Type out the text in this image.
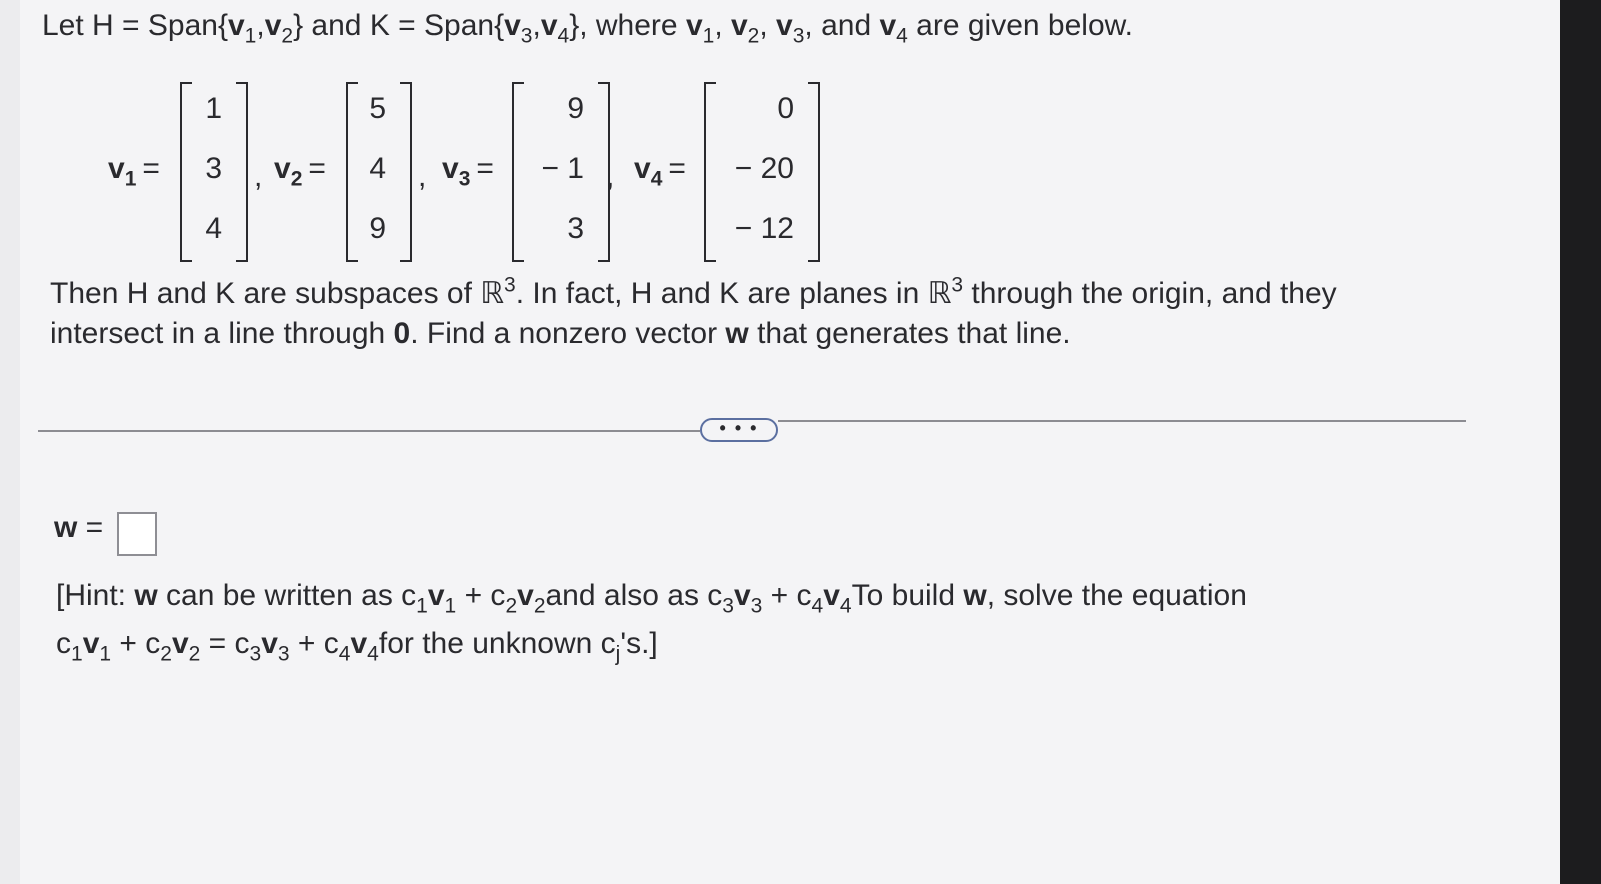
Let $H = Span\{v_1,v_2\}$ and $K = Span\{v_3,v_4\}$, where $v_1$, $v_2$, $v_3$, and $v_4$ are given below.
$v_1$ =
1
3
4
, $v_2$ =
5
4
9
, $v_3$ =
9
− 1
3
, $v_4$ =
0
− 20
− 12
Then H and K are subspaces of ℝ$^3$. In fact, H and K are planes in ℝ$^3$ through the origin, and they
intersect in a line through 0. Find a nonzero vector w that generates that line.
• • •
w =
[Hint: w can be written as $c_1v_1 + c_2v_2and$ also as $c_3v_3 + c_4v_4To$ build w, solve the equation
$c_1v_1 + c_2v_2 = c_3v_3 + c_4v_4for$ the unknown $c_j's$.]
